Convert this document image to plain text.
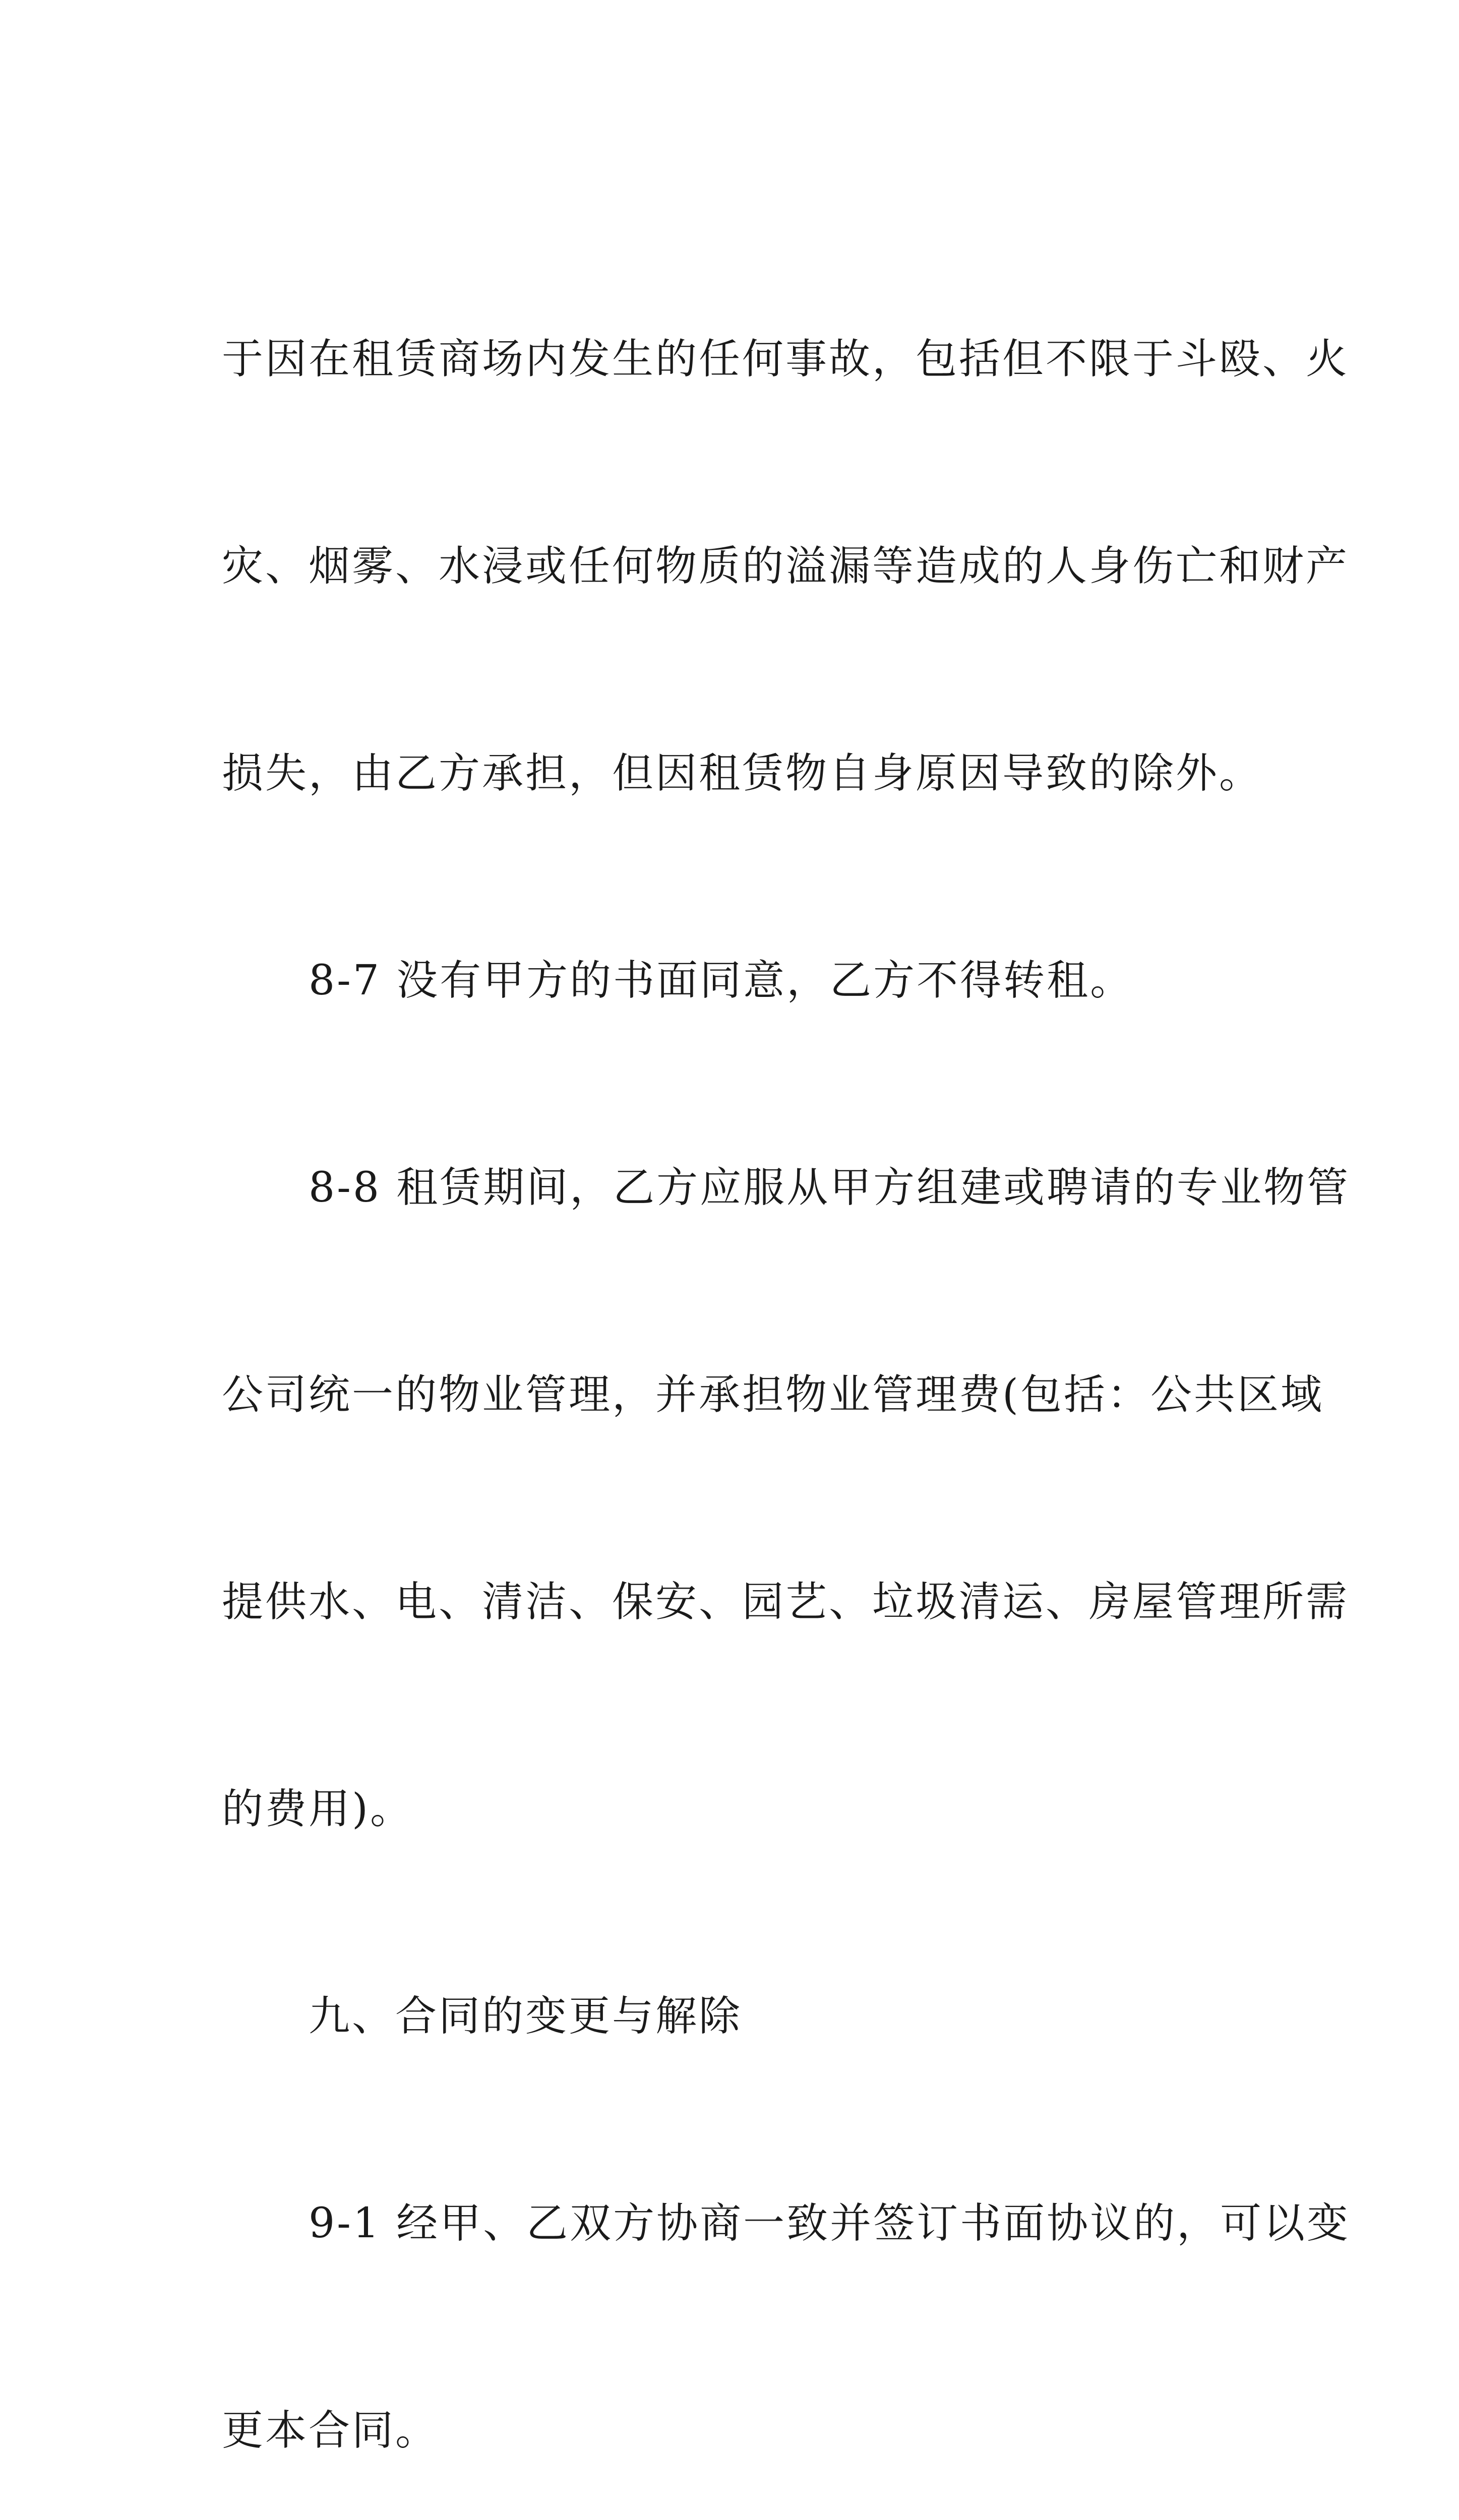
于因在租赁商场内发生的任何事故，包括但不限于斗殴、火

灾、烟雾、水浸或任何物质的溢漏等造成的人身伤亡和财产

损失，由乙方承担，但因租赁物自身原因导致的除外。

　　8-7 没有甲方的书面同意，乙方不得转租。

　　8-8 租赁期间，乙方应服从甲方组建或聘请的专业物管

公司统一的物业管理，并承担物业管理费(包括：公共区域

提供水、电、清洁、保安、园艺、垃圾清运、房屋管理所需

的费用)。

　　九、合同的变更与解除

　　9-1 经甲、乙双方协商一致并签订书面协议的，可以变

更本合同。
